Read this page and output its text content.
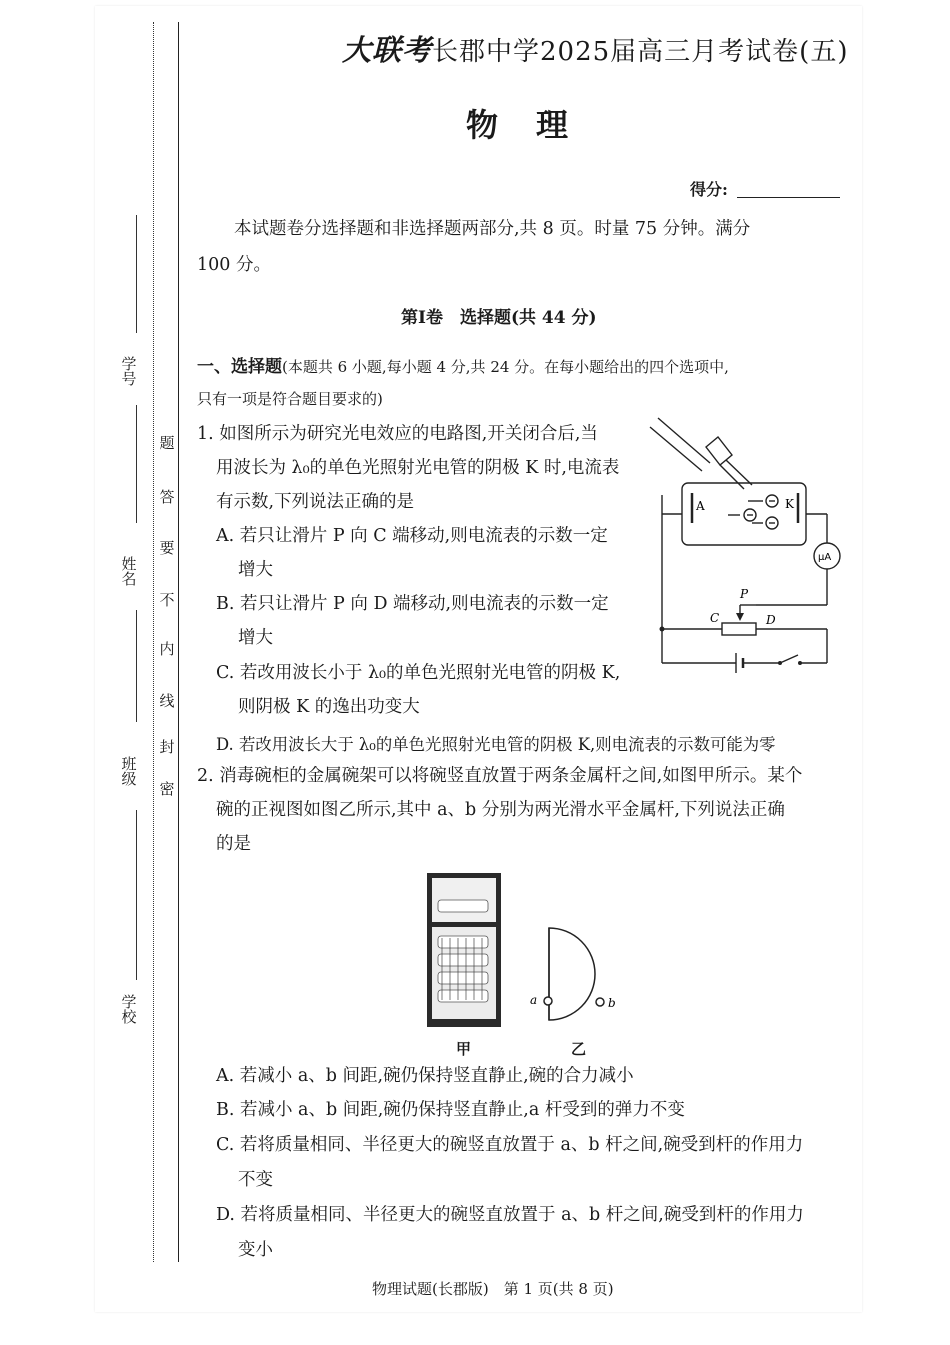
学号
姓名
班级
学校
密
封
线
内
不
要
答
题
大联考长郡中学2025届高三月考试卷(五)
物理
得分:
本试题卷分选择题和非选择题两部分,共 8 页。时量 75 分钟。满分
100 分。
第Ⅰ卷　选择题(共 44 分)
一、选择题(本题共 6 小题,每小题 4 分,共 24 分。在每小题给出的四个选项中,
只有一项是符合题目要求的)
1. 如图所示为研究光电效应的电路图,开关闭合后,当
用波长为 λ₀的单色光照射光电管的阴极 K 时,电流表
有示数,下列说法正确的是
A. 若只让滑片 P 向 C 端移动,则电流表的示数一定
增大
B. 若只让滑片 P 向 D 端移动,则电流表的示数一定
增大
C. 若改用波长小于 λ₀的单色光照射光电管的阴极 K,
则阴极 K 的逸出功变大
D. 若改用波长大于 λ₀的单色光照射光电管的阴极 K,则电流表的示数可能为零
A	K
μA
P
C	D
2. 消毒碗柜的金属碗架可以将碗竖直放置于两条金属杆之间,如图甲所示。某个
碗的正视图如图乙所示,其中 a、b 分别为两光滑水平金属杆,下列说法正确
的是
甲
a	b
乙
A. 若减小 a、b 间距,碗仍保持竖直静止,碗的合力减小
B. 若减小 a、b 间距,碗仍保持竖直静止,a 杆受到的弹力不变
C. 若将质量相同、半径更大的碗竖直放置于 a、b 杆之间,碗受到杆的作用力
不变
D. 若将质量相同、半径更大的碗竖直放置于 a、b 杆之间,碗受到杆的作用力
变小
物理试题(长郡版)　第 1 页(共 8 页)
